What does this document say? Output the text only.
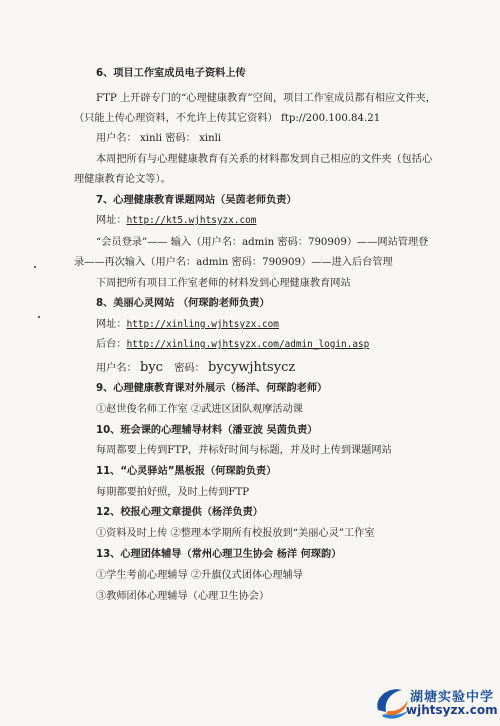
6、项目工作室成员电子资料上传
FTP 上开辟专门的“心理健康教育”空间，项目工作室成员都有相应文件夹，
（只能上传心理资料，不允许上传其它资料） ftp://200.100.84.21
用户名： xinli 密码： xinli
本周把所有与心理健康教育有关系的材料都发到自己相应的文件夹（包括心
理健康教育论文等）。
7、心理健康教育课题网站（吴茵老师负责）
网址：http://kt5.wjhtsyzx.com
“会员登录”—— 输入（用户名：admin 密码：790909）——网站管理登
录——再次输入（用户名：admin 密码：790909）——进入后台管理
下周把所有项目工作室老师的材料发到心理健康教育网站
8、美丽心灵网站 （何琛韵老师负责）
网址：http://xinling.wjhtsyzx.com
后台：http://xinling.wjhtsyzx.com/admin_login.asp
用户名： byc 密码： bycywjhtsycz
9、心理健康教育课对外展示（杨洋、何琛韵老师）
①赵世俊名师工作室 ②武进区团队观摩活动课
10、班会课的心理辅导材料（潘亚波 吴茵负责）
每周都要上传到FTP，并标好时间与标题，并及时上传到课题网站
11、“心灵驿站”黑板报（何琛韵负责）
每期都要拍好照，及时上传到FTP
12、校报心理文章提供（杨洋负责）
①资料及时上传 ②整理本学期所有校报放到“美丽心灵”工作室
13、心理团体辅导（常州心理卫生协会 杨洋 何琛韵）
①学生考前心理辅导 ②升旗仪式团体心理辅导
③教师团体心理辅导（心理卫生协会）
湖塘实验中学
wjhtsyzx.com
